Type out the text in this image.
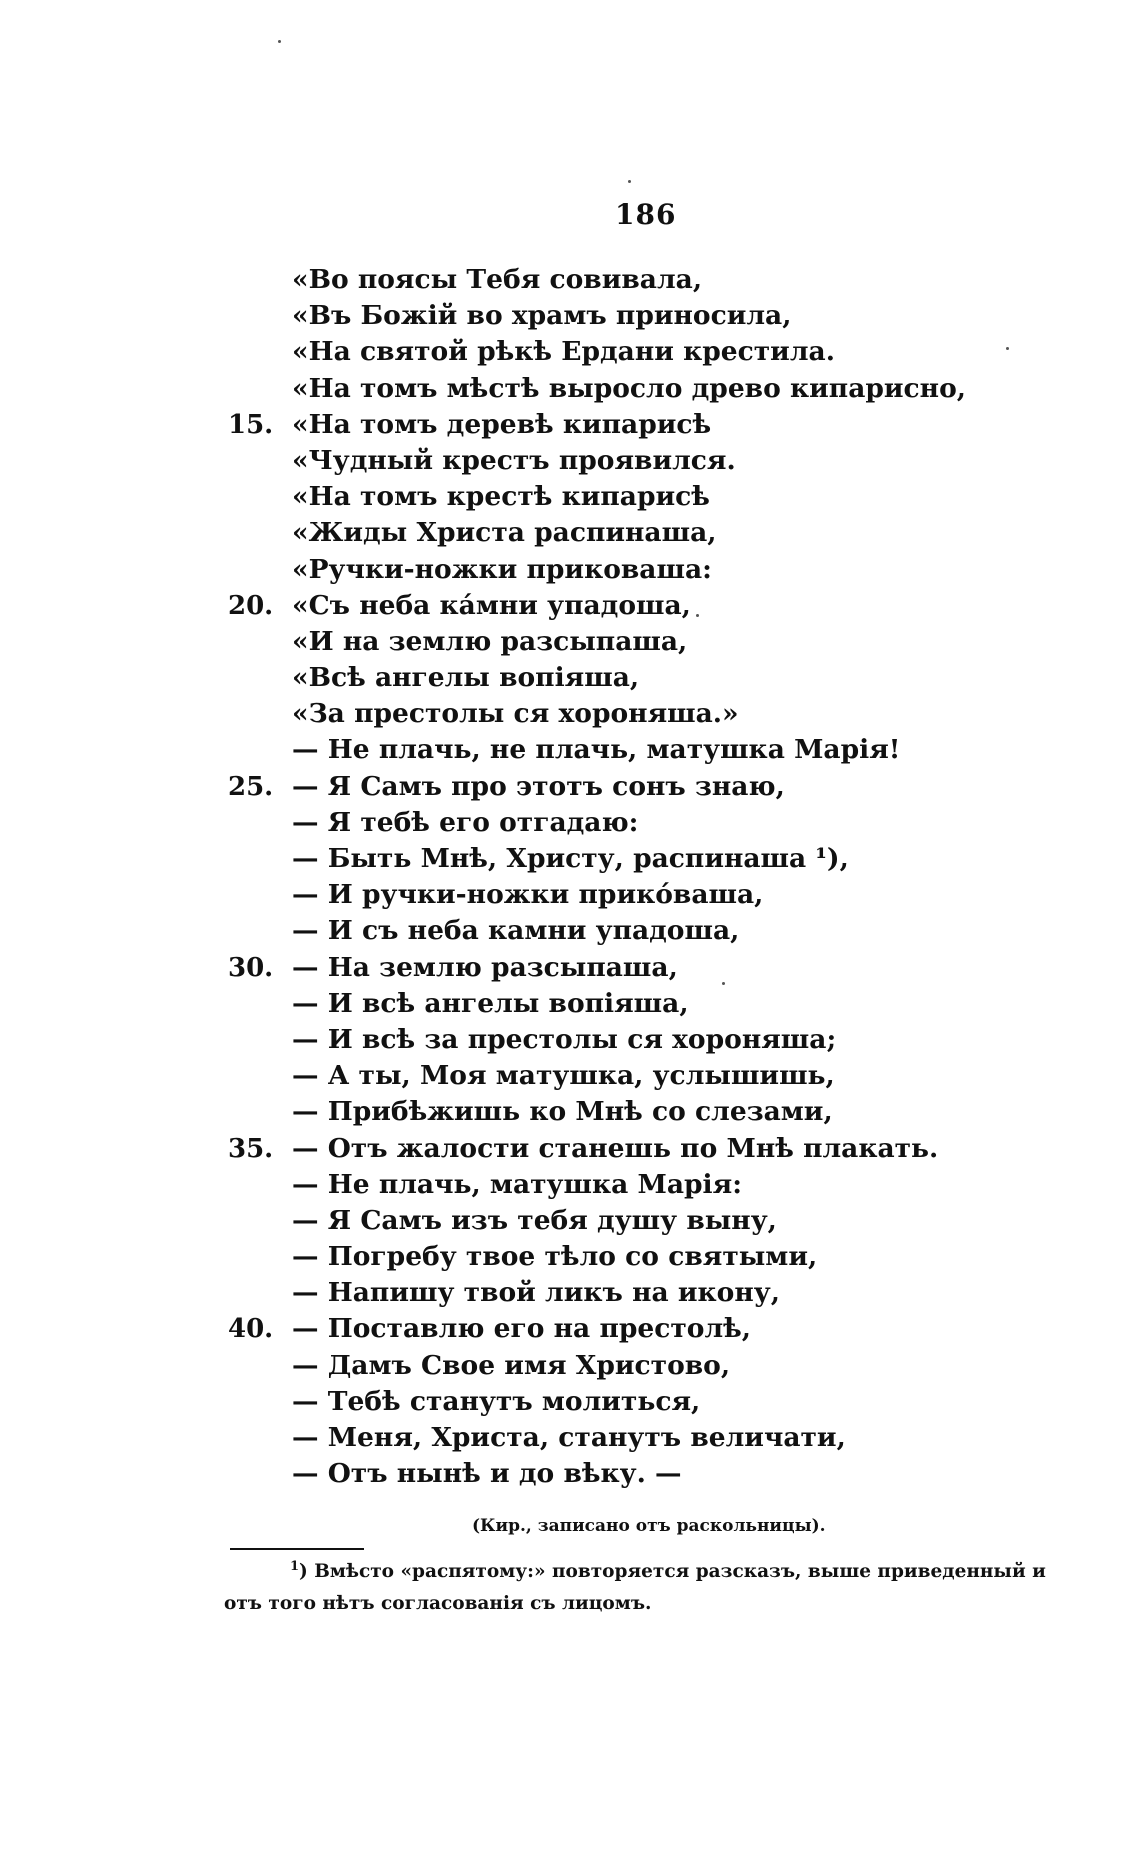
186
«Во поясы Тебя совивала,
«Въ Божій во храмъ приносила,
«На святой рѣкѣ Ердани крестила.
«На томъ мѣстѣ выросло древо кипарисно,
15. «На томъ деревѣ кипарисѣ
«Чудный крестъ проявился.
«На томъ крестѣ кипарисѣ
«Жиды Христа распинаша,
«Ручки-ножки приковаша:
20. «Съ неба ка́мни упадоша,
«И на землю разсыпаша,
«Всѣ ангелы вопіяша,
«За престолы ся хороняша.»
— Не плачь, не плачь, матушка Марія!
25. — Я Самъ про этотъ сонъ знаю,
— Я тебѣ его отгадаю:
— Быть Мнѣ, Христу, распинаша ¹),
— И ручки-ножки прико́ваша,
— И съ неба камни упадоша,
30. — На землю разсыпаша,
— И всѣ ангелы вопіяша,
— И всѣ за престолы ся хороняша;
— А ты, Моя матушка, услышишь,
— Прибѣжишь ко Мнѣ со слезами,
35. — Отъ жалости станешь по Мнѣ плакать.
— Не плачь, матушка Марія:
— Я Самъ изъ тебя душу выну,
— Погребу твое тѣло со святыми,
— Напишу твой ликъ на икону,
40. — Поставлю его на престолѣ,
— Дамъ Свое имя Христово,
— Тебѣ станутъ молиться,
— Меня, Христа, станутъ величати,
— Отъ нынѣ и до вѣку. —
(Кир., записано отъ раскольницы).
$^1$) Вмѣсто «распятому:» повторяется разсказъ, выше приведенный и
отъ того нѣтъ согласованія съ лицомъ.
